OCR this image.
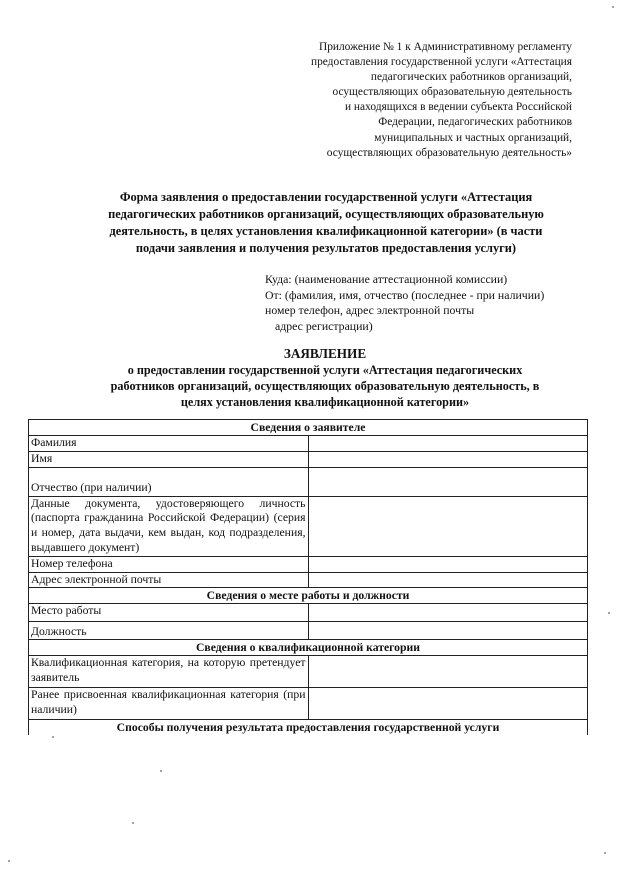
Приложение № 1 к Административному регламенту
предоставления государственной услуги «Аттестация
педагогических работников организаций,
осуществляющих образовательную деятельность
и находящихся в ведении субъекта Российской
Федерации, педагогических работников
муниципальных и частных организаций,
осуществляющих образовательную деятельность»
Форма заявления о предоставлении государственной услуги «Аттестация
педагогических работников организаций, осуществляющих образовательную
деятельность, в целях установления квалификационной категории» (в части
подачи заявления и получения результатов предоставления услуги)
Куда: (наименование аттестационной комиссии)
От: (фамилия, имя, отчество (последнее - при наличии)
номер телефон, адрес электронной почты
адрес регистрации)
ЗАЯВЛЕНИЕ
о предоставлении государственной услуги «Аттестация педагогических
работников организаций, осуществляющих образовательную деятельность, в
целях установления квалификационной категории»
Сведения о заявителе	
Фамилия	
Имя	
Отчество (при наличии)	
Данные документа, удостоверяющего личность (паспорта гражданина Российской Федерации) (серия и номер, дата выдачи, кем выдан, код подразделения, выдавшего документ)	
Номер телефона	
Адрес электронной почты	
Сведения о месте работы и должности	
Место работы	
Должность	
Сведения о квалификационной категории	
Квалификационная категория, на которую претендует заявитель	
Ранее присвоенная квалификационная категория (при наличии)	
Способы получения результата предоставления государственной услуги	
